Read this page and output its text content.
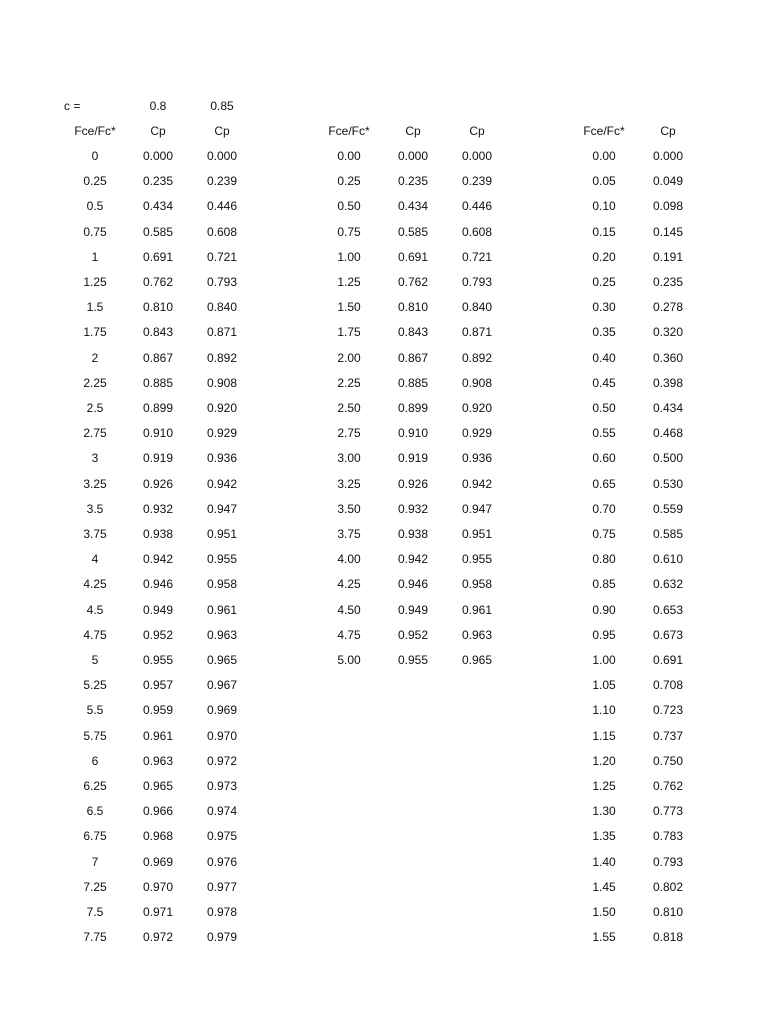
c =	0.8	0.85
Fce/Fc*	Cp	Cp
0	0.000	0.000
0.25	0.235	0.239
0.5	0.434	0.446
0.75	0.585	0.608
1	0.691	0.721
1.25	0.762	0.793
1.5	0.810	0.840
1.75	0.843	0.871
2	0.867	0.892
2.25	0.885	0.908
2.5	0.899	0.920
2.75	0.910	0.929
3	0.919	0.936
3.25	0.926	0.942
3.5	0.932	0.947
3.75	0.938	0.951
4	0.942	0.955
4.25	0.946	0.958
4.5	0.949	0.961
4.75	0.952	0.963
5	0.955	0.965
5.25	0.957	0.967
5.5	0.959	0.969
5.75	0.961	0.970
6	0.963	0.972
6.25	0.965	0.973
6.5	0.966	0.974
6.75	0.968	0.975
7	0.969	0.976
7.25	0.970	0.977
7.5	0.971	0.978
7.75	0.972	0.979
Fce/Fc*	Cp	Cp
0.00	0.000	0.000
0.25	0.235	0.239
0.50	0.434	0.446
0.75	0.585	0.608
1.00	0.691	0.721
1.25	0.762	0.793
1.50	0.810	0.840
1.75	0.843	0.871
2.00	0.867	0.892
2.25	0.885	0.908
2.50	0.899	0.920
2.75	0.910	0.929
3.00	0.919	0.936
3.25	0.926	0.942
3.50	0.932	0.947
3.75	0.938	0.951
4.00	0.942	0.955
4.25	0.946	0.958
4.50	0.949	0.961
4.75	0.952	0.963
5.00	0.955	0.965
Fce/Fc*	Cp
0.00	0.000
0.05	0.049
0.10	0.098
0.15	0.145
0.20	0.191
0.25	0.235
0.30	0.278
0.35	0.320
0.40	0.360
0.45	0.398
0.50	0.434
0.55	0.468
0.60	0.500
0.65	0.530
0.70	0.559
0.75	0.585
0.80	0.610
0.85	0.632
0.90	0.653
0.95	0.673
1.00	0.691
1.05	0.708
1.10	0.723
1.15	0.737
1.20	0.750
1.25	0.762
1.30	0.773
1.35	0.783
1.40	0.793
1.45	0.802
1.50	0.810
1.55	0.818
